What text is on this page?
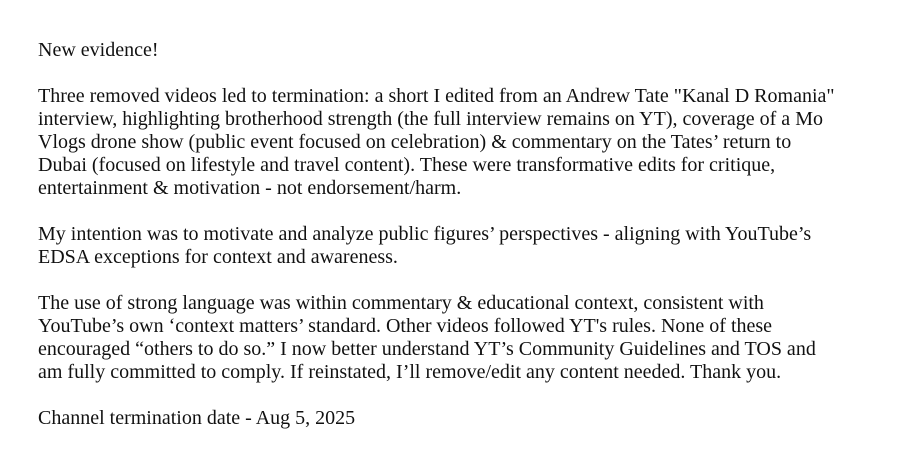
New evidence!

Three removed videos led to termination: a short I edited from an Andrew Tate "Kanal D Romania"
interview, highlighting brotherhood strength (the full interview remains on YT), coverage of a Mo
Vlogs drone show (public event focused on celebration) & commentary on the Tates’ return to
Dubai (focused on lifestyle and travel content). These were transformative edits for critique,
entertainment & motivation - not endorsement/harm.

My intention was to motivate and analyze public figures’ perspectives - aligning with YouTube’s
EDSA exceptions for context and awareness.

The use of strong language was within commentary & educational context, consistent with
YouTube’s own ‘context matters’ standard. Other videos followed YT's rules. None of these
encouraged “others to do so.” I now better understand YT’s Community Guidelines and TOS and
am fully committed to comply. If reinstated, I’ll remove/edit any content needed. Thank you.

Channel termination date - Aug 5, 2025
